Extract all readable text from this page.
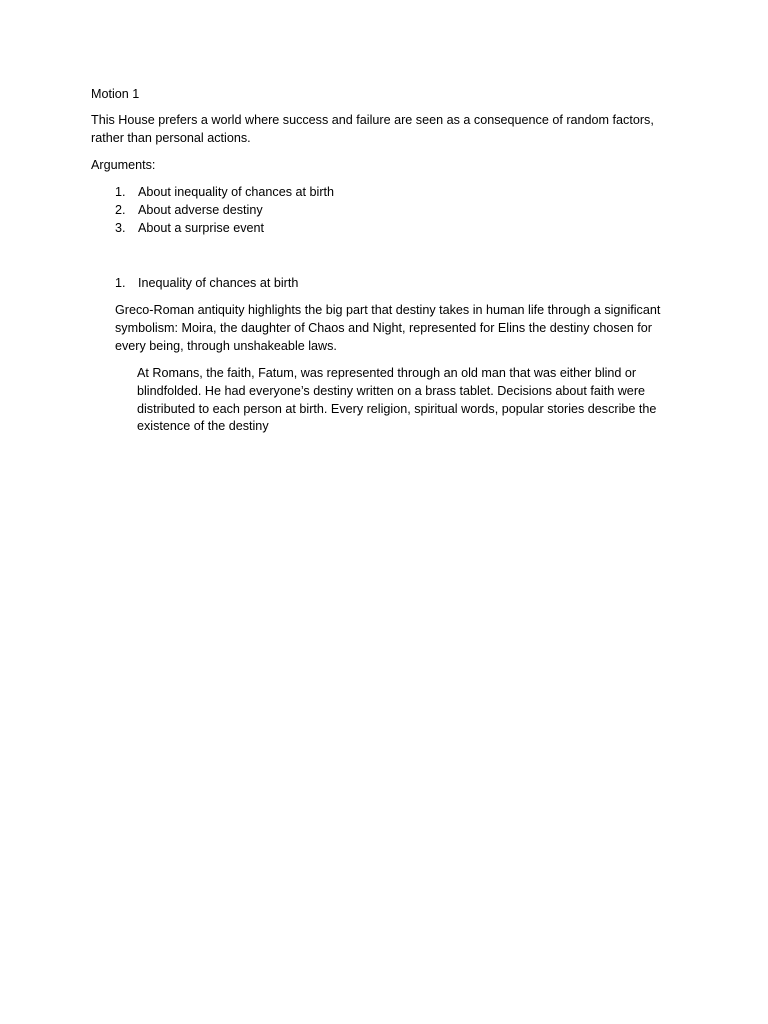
Motion 1

This House prefers a world where success and failure are seen as a consequence of random factors, rather than personal actions.

Arguments:

1. About inequality of chances at birth
2. About adverse destiny
3. About a surprise event
1. Inequality of chances at birth

Greco-Roman antiquity highlights the big part that destiny takes in human life through a significant symbolism: Moira, the daughter of Chaos and Night, represented for Elins the destiny chosen for every being, through unshakeable laws.

At Romans, the faith, Fatum, was represented through an old man that was either blind or blindfolded. He had everyone’s destiny written on a brass tablet. Decisions about faith were distributed to each person at birth. Every religion, spiritual words, popular stories describe the existence of the destiny
